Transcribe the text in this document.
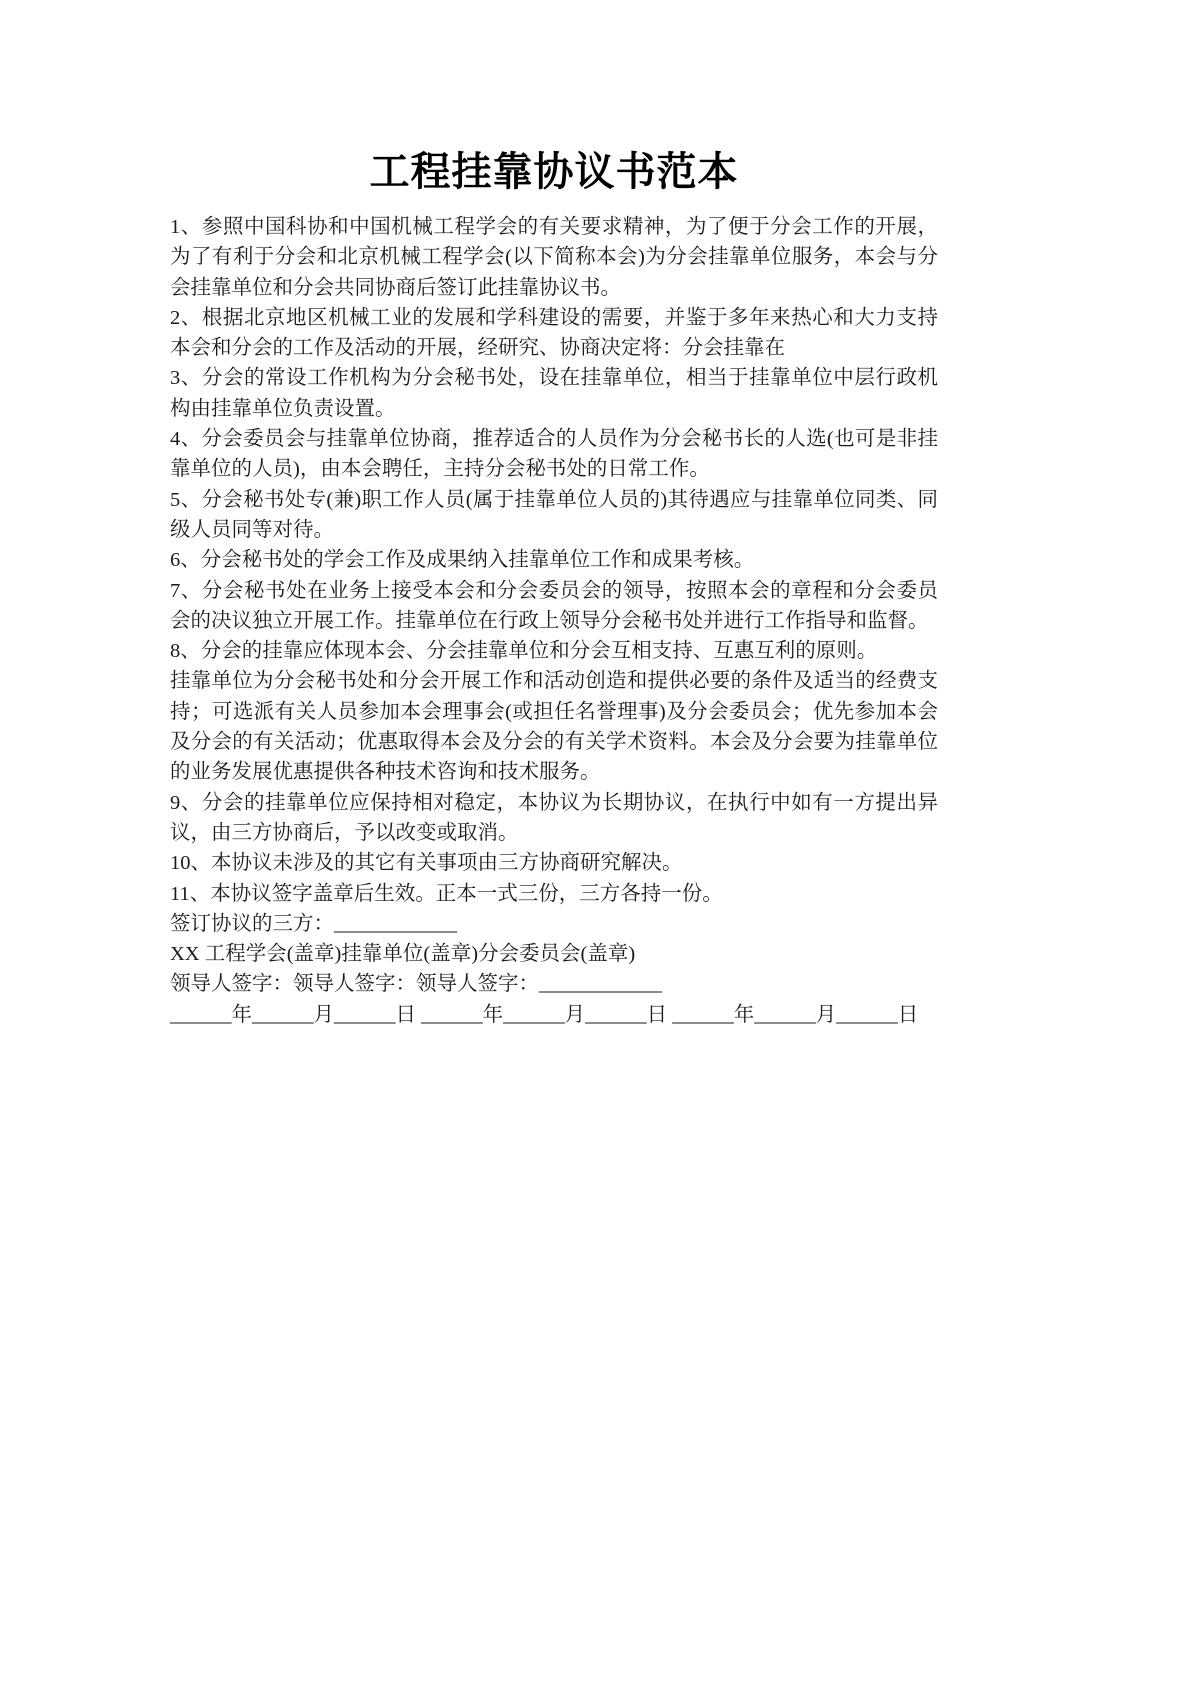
工程挂靠协议书范本

1、参照中国科协和中国机械工程学会的有关要求精神，为了便于分会工作的开展，为了有利于分会和北京机械工程学会(以下简称本会)为分会挂靠单位服务，本会与分会挂靠单位和分会共同协商后签订此挂靠协议书。

2、根据北京地区机械工业的发展和学科建设的需要，并鉴于多年来热心和大力支持本会和分会的工作及活动的开展，经研究、协商决定将：分会挂靠在

3、分会的常设工作机构为分会秘书处，设在挂靠单位，相当于挂靠单位中层行政机构由挂靠单位负责设置。

4、分会委员会与挂靠单位协商，推荐适合的人员作为分会秘书长的人选(也可是非挂靠单位的人员)，由本会聘任，主持分会秘书处的日常工作。

5、分会秘书处专(兼)职工作人员(属于挂靠单位人员的)其待遇应与挂靠单位同类、同级人员同等对待。

6、分会秘书处的学会工作及成果纳入挂靠单位工作和成果考核。

7、分会秘书处在业务上接受本会和分会委员会的领导，按照本会的章程和分会委员会的决议独立开展工作。挂靠单位在行政上领导分会秘书处并进行工作指导和监督。

8、分会的挂靠应体现本会、分会挂靠单位和分会互相支持、互惠互利的原则。

挂靠单位为分会秘书处和分会开展工作和活动创造和提供必要的条件及适当的经费支持；可选派有关人员参加本会理事会(或担任名誉理事)及分会委员会；优先参加本会及分会的有关活动；优惠取得本会及分会的有关学术资料。本会及分会要为挂靠单位的业务发展优惠提供各种技术咨询和技术服务。

9、分会的挂靠单位应保持相对稳定，本协议为长期协议，在执行中如有一方提出异议，由三方协商后，予以改变或取消。

10、本协议未涉及的其它有关事项由三方协商研究解决。

11、本协议签字盖章后生效。正本一式三份，三方各持一份。

签订协议的三方：____________

XX 工程学会(盖章)挂靠单位(盖章)分会委员会(盖章)

领导人签字：领导人签字：领导人签字：____________

______年______月______日 ______年______月______日 ______年______月______日
